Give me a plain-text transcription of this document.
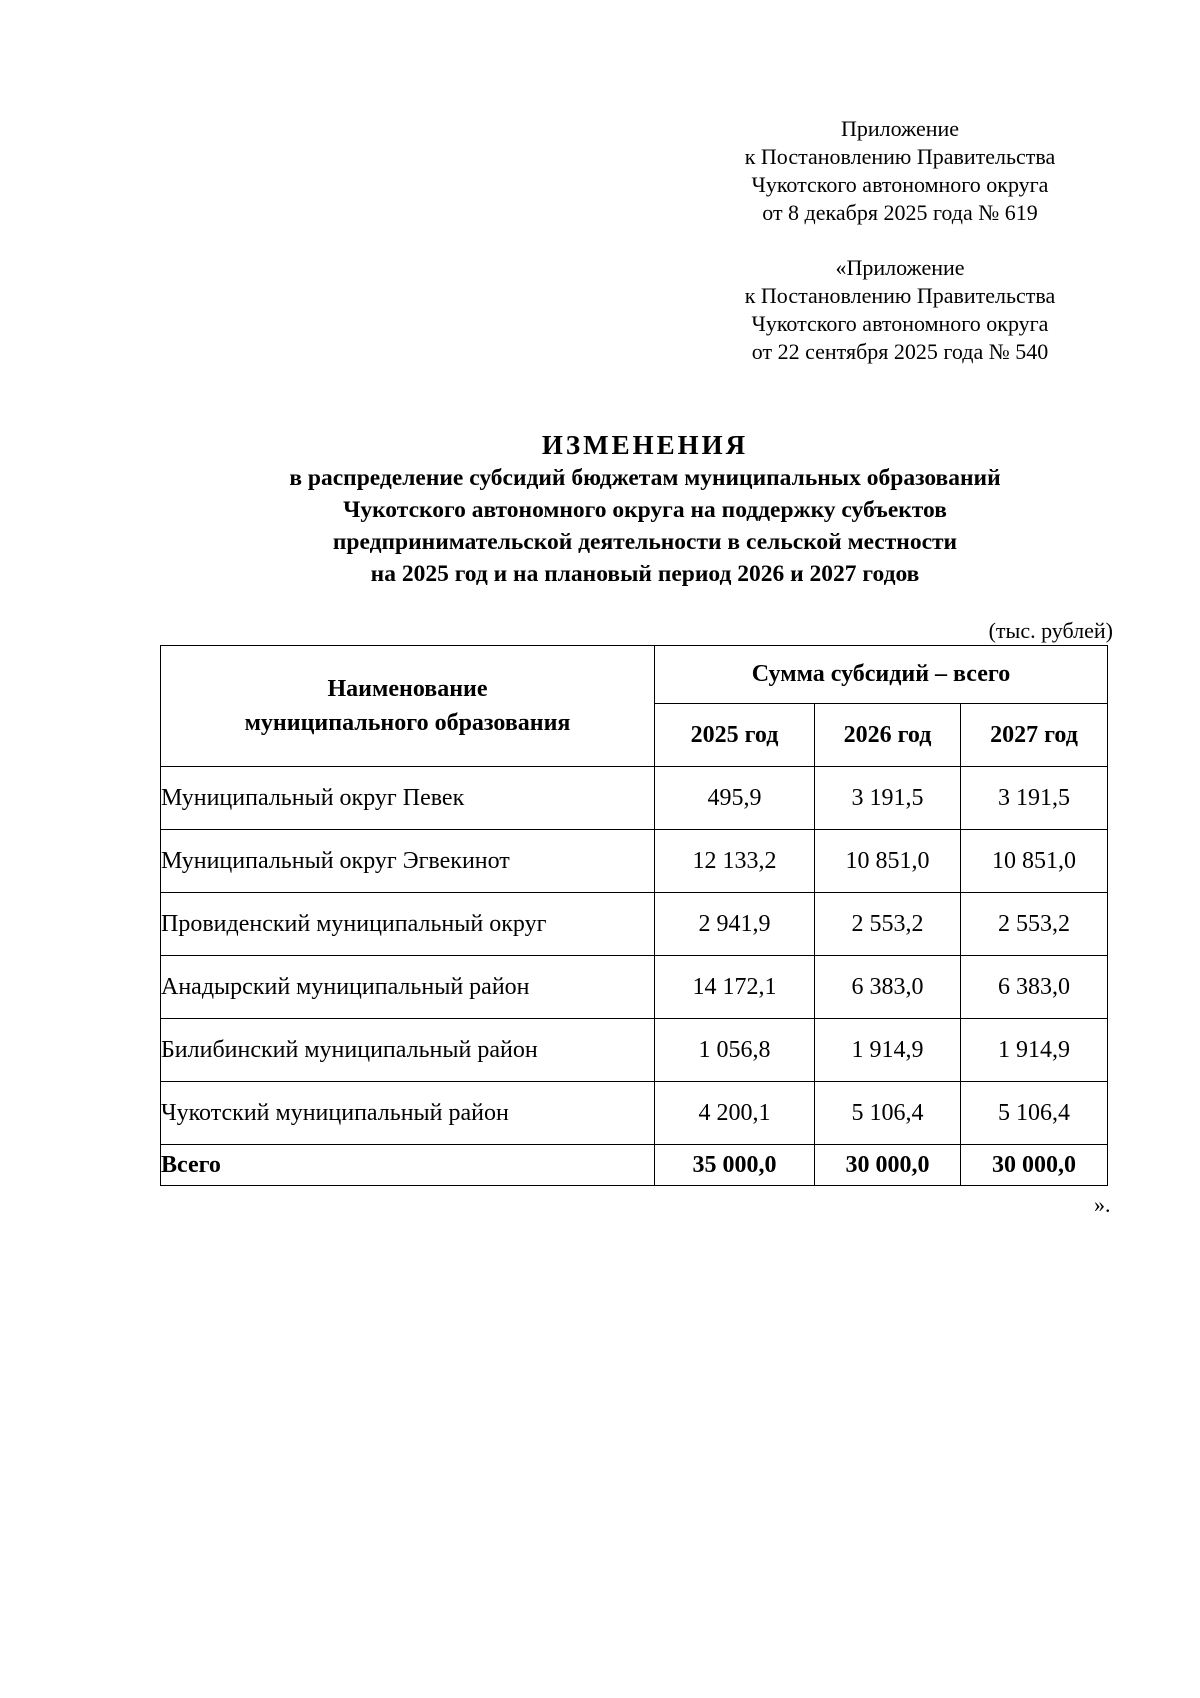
Приложение
к Постановлению Правительства
Чукотского автономного округа
от 8 декабря 2025 года № 619
«Приложение
к Постановлению Правительства
Чукотского автономного округа
от 22 сентября 2025 года № 540
ИЗМЕНЕНИЯ
в распределение субсидий бюджетам муниципальных образований
Чукотского автономного округа на поддержку субъектов
предпринимательской деятельности в сельской местности
на 2025 год и на плановый период 2026 и 2027 годов
(тыс. рублей)
Наименование
муниципального образования	Сумма субсидий – всего		
	2025 год	2026 год	2027 год
Муниципальный округ Певек	495,9	3 191,5	3 191,5
Муниципальный округ Эгвекинот	12 133,2	10 851,0	10 851,0
Провиденский муниципальный округ	2 941,9	2 553,2	2 553,2
Анадырский муниципальный район	14 172,1	6 383,0	6 383,0
Билибинский муниципальный район	1 056,8	1 914,9	1 914,9
Чукотский муниципальный район	4 200,1	5 106,4	5 106,4
Всего	35 000,0	30 000,0	30 000,0
».
